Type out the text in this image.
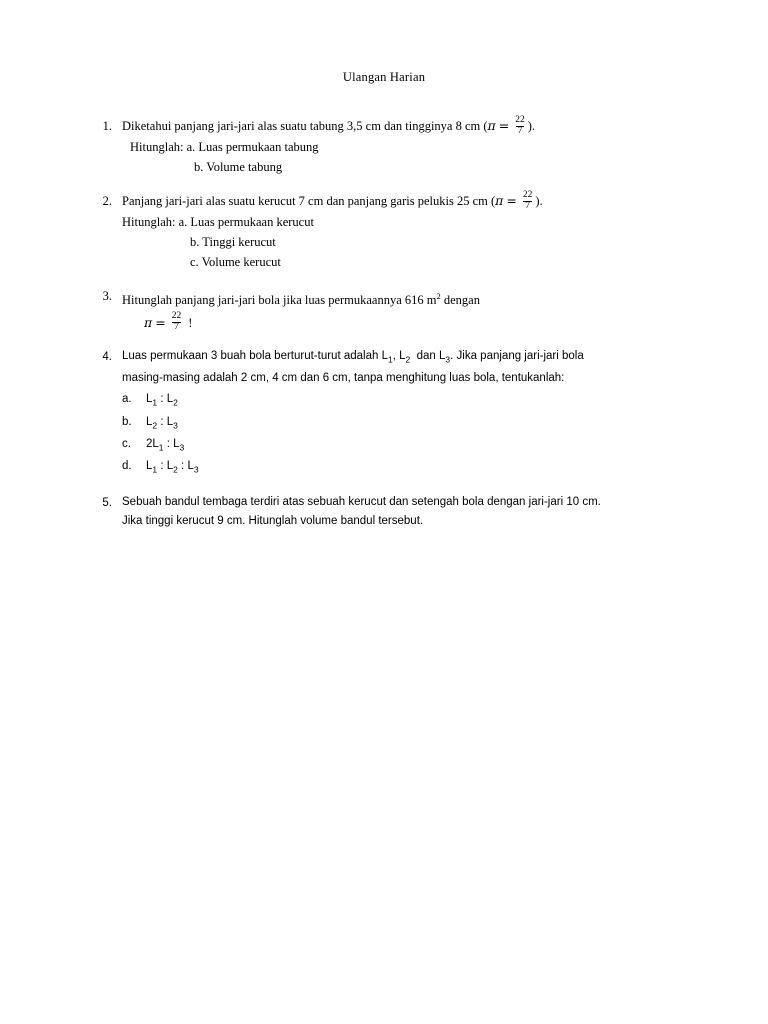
Ulangan Harian
1. Diketahui panjang jari-jari alas suatu tabung 3,5 cm dan tingginya 8 cm ( $\pi = \frac{22}{7}$ ).
Hitunglah: a. Luas permukaan tabung
b. Volume tabung
2. Panjang jari-jari alas suatu kerucut 7 cm dan panjang garis pelukis 25 cm ( $\pi = \frac{22}{7}$ ).
Hitunglah: a. Luas permukaan kerucut
b. Tinggi kerucut
c. Volume kerucut
3. Hitunglah panjang jari-jari bola jika luas permukaannya 616 $m^2$ dengan
$\pi = \frac{22}{7}$ !
4. Luas permukaan 3 buah bola berturut-turut adalah $L_1$, $L_2$  dan $L_3$. Jika panjang jari-jari bola
masing-masing adalah 2 cm, 4 cm dan 6 cm, tanpa menghitung luas bola, tentukanlah:
a.	$L_1$ : $L_2$
b.	$L_2$ : $L_3$
c.	$2L_1$ : $L_3$
d.	$L_1$ : $L_2$ : $L_3$
5. Sebuah bandul tembaga terdiri atas sebuah kerucut dan setengah bola dengan jari-jari 10 cm.
Jika tinggi kerucut 9 cm. Hitunglah volume bandul tersebut.
